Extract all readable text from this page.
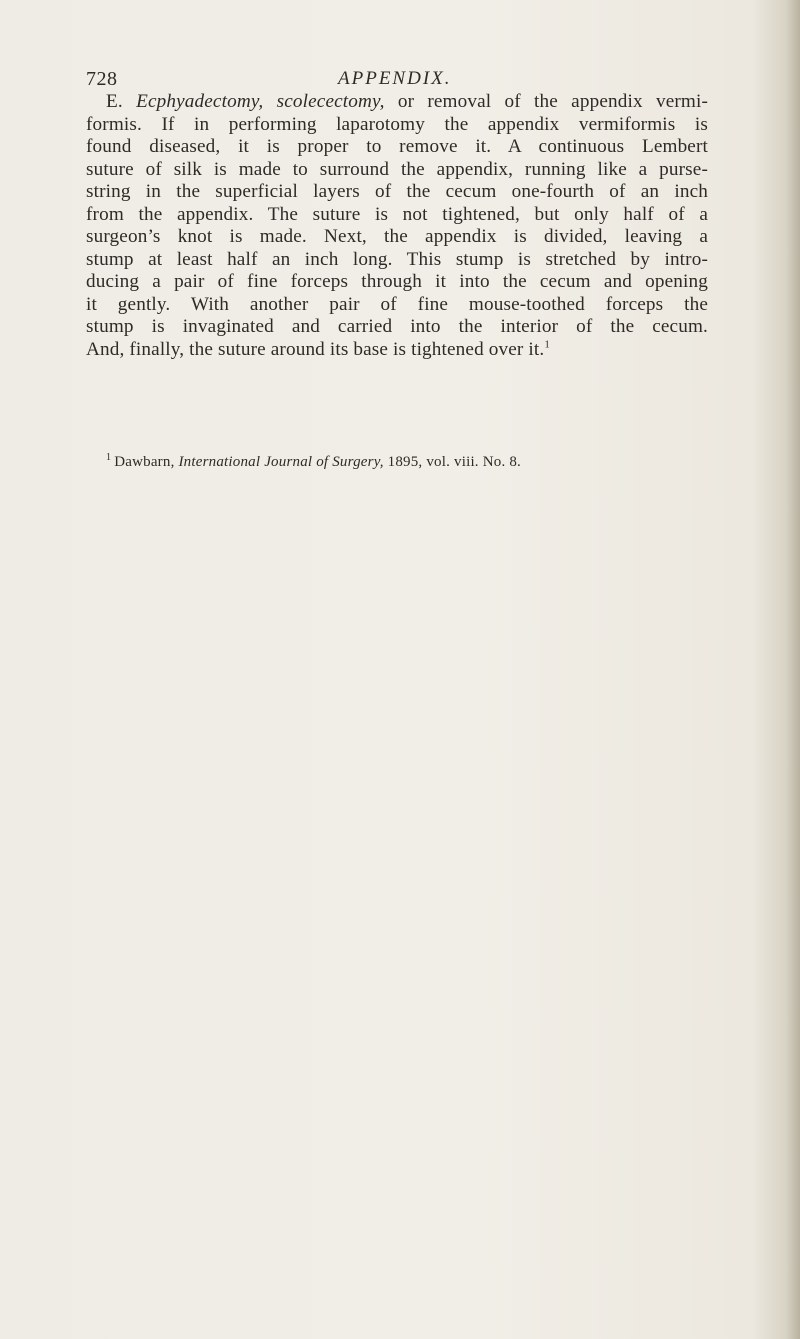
728	APPENDIX.
E. Ecphyadectomy, scolecectomy, or removal of the appendix vermi-
formis. If in performing laparotomy the appendix vermiformis is
found diseased, it is proper to remove it. A continuous Lembert
suture of silk is made to surround the appendix, running like a purse-
string in the superficial layers of the cecum one-fourth of an inch
from the appendix. The suture is not tightened, but only half of a
surgeon’s knot is made. Next, the appendix is divided, leaving a
stump at least half an inch long. This stump is stretched by intro-
ducing a pair of fine forceps through it into the cecum and opening
it gently. With another pair of fine mouse-toothed forceps the
stump is invaginated and carried into the interior of the cecum.
And, finally, the suture around its base is tightened over it.$^1$
$^1$ Dawbarn, International Journal of Surgery, 1895, vol. viii. No. 8.
